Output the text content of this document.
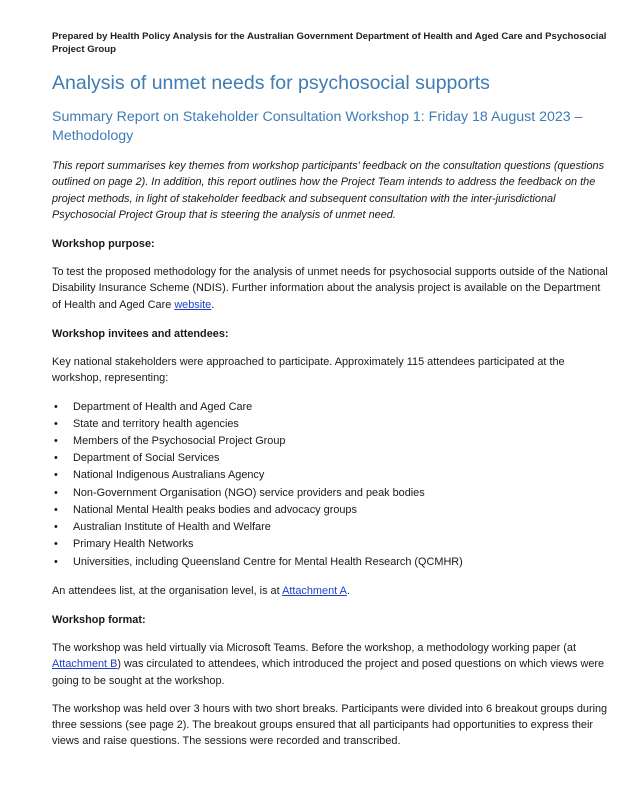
Prepared by Health Policy Analysis for the Australian Government Department of Health and Aged Care and Psychosocial Project Group

Analysis of unmet needs for psychosocial supports
Summary Report on Stakeholder Consultation Workshop 1: Friday 18 August 2023 – Methodology

This report summarises key themes from workshop participants’ feedback on the consultation questions (questions outlined on page 2). In addition, this report outlines how the Project Team intends to address the feedback on the project methods, in light of stakeholder feedback and subsequent consultation with the inter-jurisdictional Psychosocial Project Group that is steering the analysis of unmet need.

Workshop purpose:

To test the proposed methodology for the analysis of unmet needs for psychosocial supports outside of the National Disability Insurance Scheme (NDIS). Further information about the analysis project is available on the Department of Health and Aged Care website.

Workshop invitees and attendees:

Key national stakeholders were approached to participate. Approximately 115 attendees participated at the workshop, representing:

• Department of Health and Aged Care
• State and territory health agencies
• Members of the Psychosocial Project Group
• Department of Social Services
• National Indigenous Australians Agency
• Non-Government Organisation (NGO) service providers and peak bodies
• National Mental Health peaks bodies and advocacy groups
• Australian Institute of Health and Welfare
• Primary Health Networks
• Universities, including Queensland Centre for Mental Health Research (QCMHR)

An attendees list, at the organisation level, is at Attachment A.

Workshop format:

The workshop was held virtually via Microsoft Teams. Before the workshop, a methodology working paper (at Attachment B) was circulated to attendees, which introduced the project and posed questions on which views were going to be sought at the workshop.

The workshop was held over 3 hours with two short breaks. Participants were divided into 6 breakout groups during three sessions (see page 2). The breakout groups ensured that all participants had opportunities to express their views and raise questions. The sessions were recorded and transcribed.
